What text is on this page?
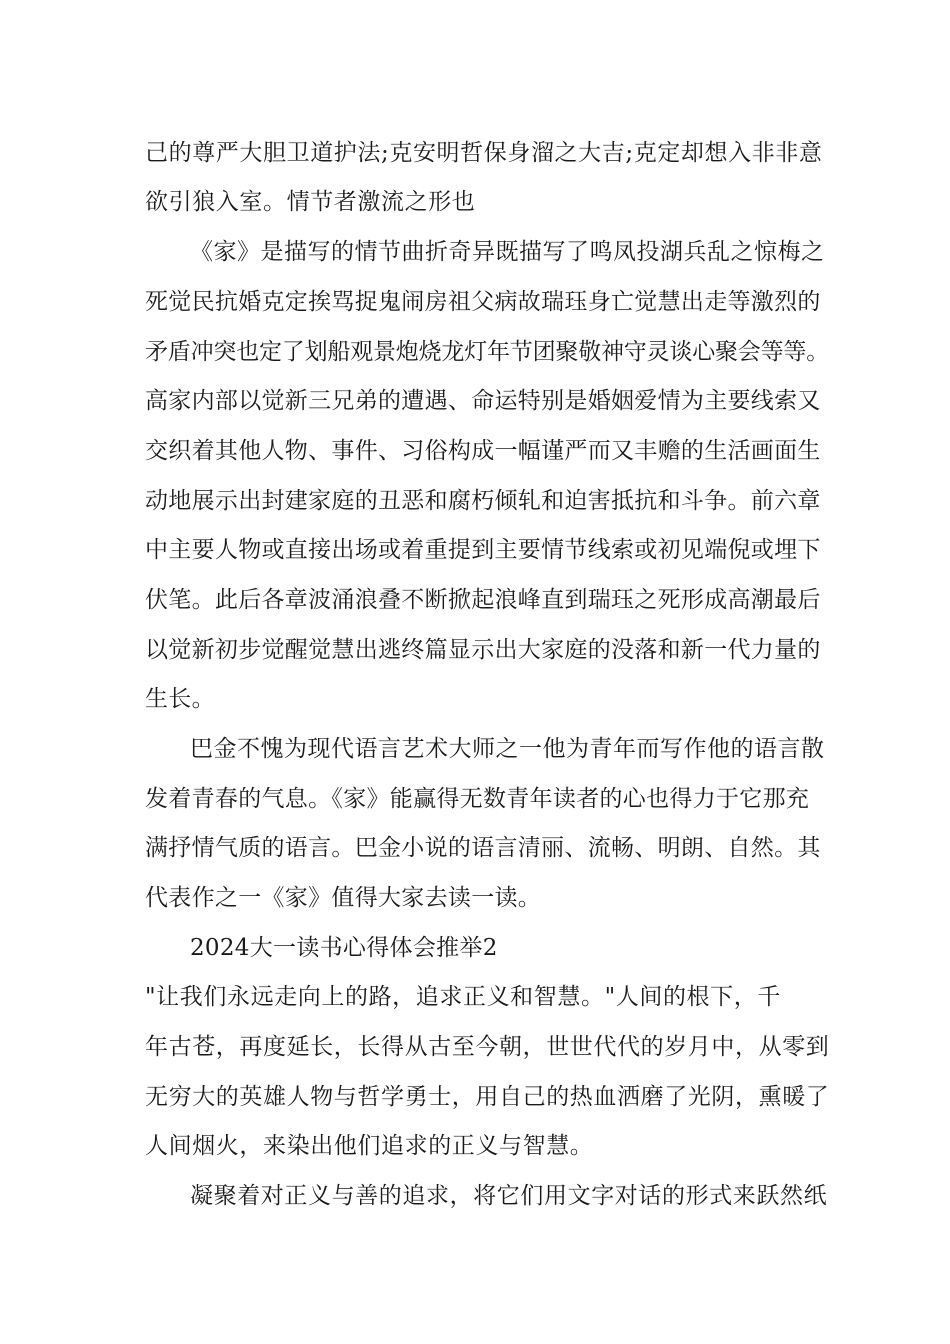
己的尊严大胆卫道护法;克安明哲保身溜之大吉;克定却想入非非意
欲引狼入室。情节者激流之形也
《家》是描写的情节曲折奇异既描写了鸣凤投湖兵乱之惊梅之
死觉民抗婚克定挨骂捉鬼闹房祖父病故瑞珏身亡觉慧出走等激烈的
矛盾冲突也定了划船观景炮烧龙灯年节团聚敬神守灵谈心聚会等等。
高家内部以觉新三兄弟的遭遇、命运特别是婚姻爱情为主要线索又
交织着其他人物、事件、习俗构成一幅谨严而又丰赡的生活画面生
动地展示出封建家庭的丑恶和腐朽倾轧和迫害抵抗和斗争。前六章
中主要人物或直接出场或着重提到主要情节线索或初见端倪或埋下
伏笔。此后各章波涌浪叠不断掀起浪峰直到瑞珏之死形成高潮最后
以觉新初步觉醒觉慧出逃终篇显示出大家庭的没落和新一代力量的
生长。
巴金不愧为现代语言艺术大师之一他为青年而写作他的语言散
发着青春的气息。《家》能赢得无数青年读者的心也得力于它那充
满抒情气质的语言。巴金小说的语言清丽、流畅、明朗、自然。其
代表作之一《家》值得大家去读一读。
2024大一读书心得体会推举2
"让我们永远走向上的路，追求正义和智慧。"人间的根下，千
年古苍，再度延长，长得从古至今朝，世世代代的岁月中，从零到
无穷大的英雄人物与哲学勇士，用自己的热血洒磨了光阴，熏暖了
人间烟火，来染出他们追求的正义与智慧。
凝聚着对正义与善的追求，将它们用文字对话的形式来跃然纸
